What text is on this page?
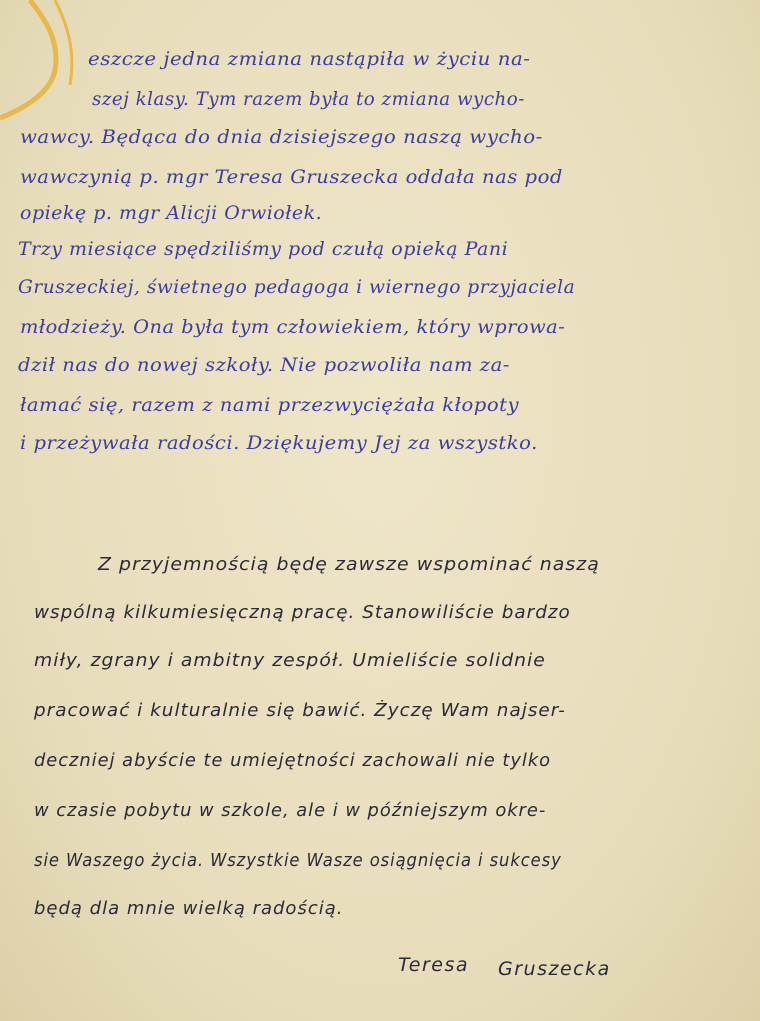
eszcze jedna zmiana nastąpiła w życiu na-
szej klasy. Tym razem była to zmiana wycho-
wawcy. Będąca do dnia dzisiejszego naszą wycho-
wawczynią p. mgr Teresa Gruszecka oddała nas pod
opiekę p. mgr Alicji Orwiołek.
Trzy miesiące spędziliśmy pod czułą opieką Pani
Gruszeckiej, świetnego pedagoga i wiernego przyjaciela
młodzieży. Ona była tym człowiekiem, który wprowa-
dził nas do nowej szkoły. Nie pozwoliła nam za-
łamać się, razem z nami przezwyciężała kłopoty
i przeżywała radości. Dziękujemy Jej za wszystko.
Z przyjemnością będę zawsze wspominać naszą
wspólną kilkumiesięczną pracę. Stanowiliście bardzo
miły, zgrany i ambitny zespół. Umieliście solidnie
pracować i kulturalnie się bawić. Życzę Wam najser-
deczniej abyście te umiejętności zachowali nie tylko
w czasie pobytu w szkole, ale i w późniejszym okre-
sie Waszego życia. Wszystkie Wasze osiągnięcia i sukcesy
będą dla mnie wielką radością.
Teresa Gruszecka
